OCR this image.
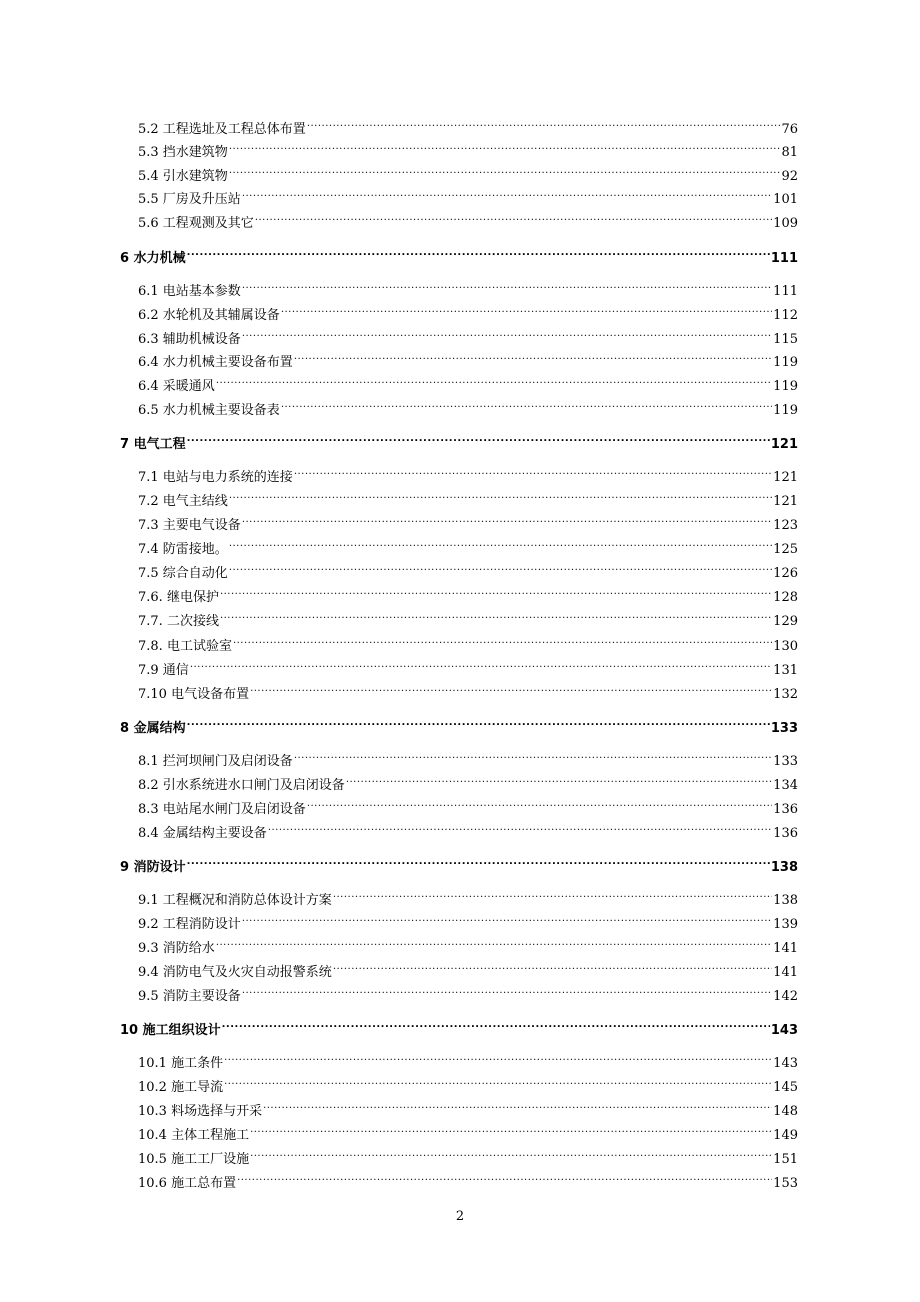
5.2 工程选址及工程总体布置 .....	76
5.3 挡水建筑物 .....	81
5.4 引水建筑物 .....	92
5.5 厂房及升压站 .....	101
5.6 工程观测及其它 .....	109
6 水力机械 .....	111
6.1 电站基本参数 .....	111
6.2 水轮机及其辅属设备 .....	112
6.3 辅助机械设备 .....	115
6.4 水力机械主要设备布置 .....	119
6.4 采暖通风 .....	119
6.5 水力机械主要设备表 .....	119
7 电气工程 .....	121
7.1 电站与电力系统的连接 .....	121
7.2 电气主结线 .....	121
7.3 主要电气设备 .....	123
7.4 防雷接地。 .....	125
7.5 综合自动化 .....	126
7.6. 继电保护 .....	128
7.7. 二次接线 .....	129
7.8. 电工试验室 .....	130
7.9 通信 .....	131
7.10 电气设备布置 .....	132
8 金属结构 .....	133
8.1 拦河坝闸门及启闭设备 .....	133
8.2 引水系统进水口闸门及启闭设备 .....	134
8.3 电站尾水闸门及启闭设备 .....	136
8.4 金属结构主要设备 .....	136
9 消防设计 .....	138
9.1 工程概况和消防总体设计方案 .....	138
9.2 工程消防设计 .....	139
9.3 消防给水 .....	141
9.4 消防电气及火灾自动报警系统 .....	141
9.5 消防主要设备 .....	142
10 施工组织设计 .....	143
10.1 施工条件 .....	143
10.2 施工导流 .....	145
10.3 料场选择与开采 .....	148
10.4 主体工程施工 .....	149
10.5 施工工厂设施 .....	151
10.6 施工总布置 .....	153
2
